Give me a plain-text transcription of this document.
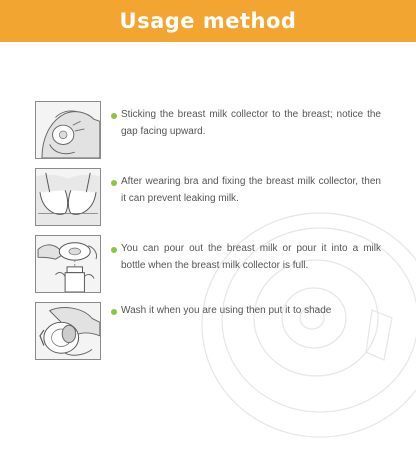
Usage method

Sticking the breast milk collector to the breast; notice the gap facing upward.

After wearing bra and fixing the breast milk collector, then it can prevent leaking milk.

You can pour out the breast milk or pour it into a milk bottle when the breast milk collector is full.

Wash it when you are using then put it to shade
